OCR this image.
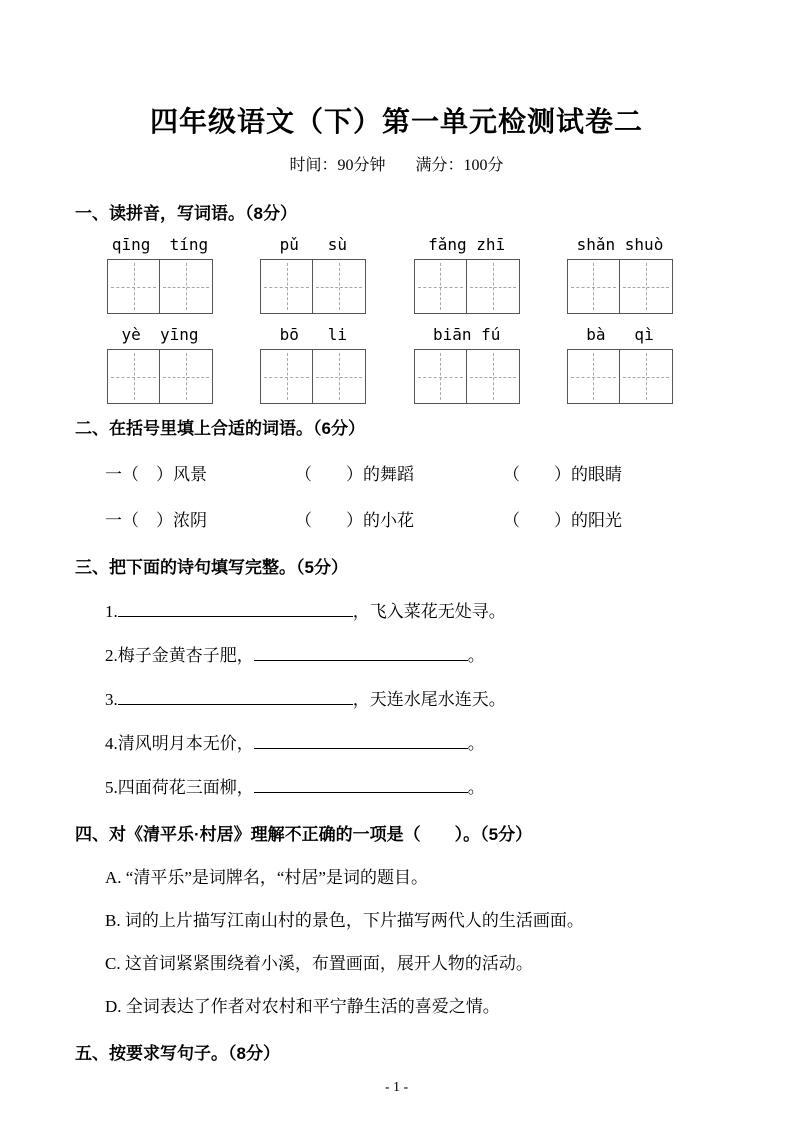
四年级语文（下）第一单元检测试卷二
时间：90分钟 满分：100分
一、读拼音，写词语。（8分）
qīng  tíng	pǔ   sù	fǎng zhī	shǎn shuò
yè  yīng	bō   li	biān fú	bà   qì
二、在括号里填上合适的词语。（6分）
一（　）风景	（　　）的舞蹈	（　　）的眼睛
一（　）浓阴	（　　）的小花	（　　）的阳光
三、把下面的诗句填写完整。（5分）
1.	，飞入菜花无处寻。
2.梅子金黄杏子肥，	。
3.	，天连水尾水连天。
4.清风明月本无价，	。
5.四面荷花三面柳，	。
四、对《清平乐·村居》理解不正确的一项是（　　）。（5分）
A. “清平乐”是词牌名，“村居”是词的题目。
B. 词的上片描写江南山村的景色，下片描写两代人的生活画面。
C. 这首词紧紧围绕着小溪，布置画面，展开人物的活动。
D. 全词表达了作者对农村和平宁静生活的喜爱之情。
五、按要求写句子。（8分）
- 1 -
